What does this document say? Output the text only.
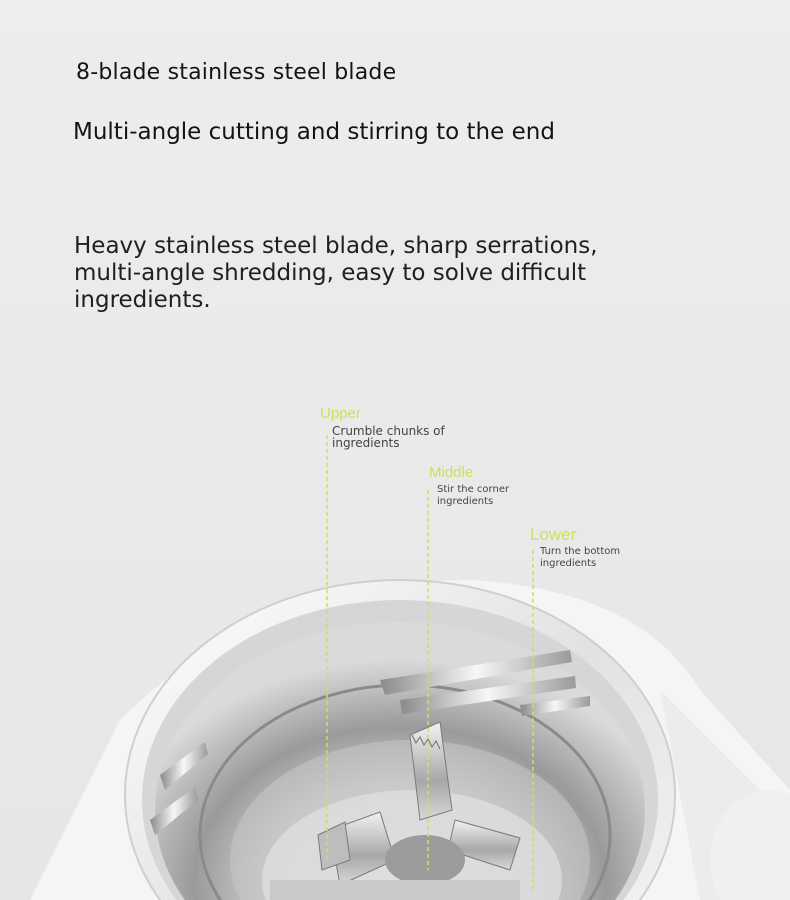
8-blade stainless steel blade
Multi-angle cutting and stirring to the end

Heavy stainless steel blade, sharp serrations, multi-angle shredding, easy to solve difficult ingredients.

Upper
Crumble chunks of ingredients
Middle
Stir the corner ingredients
Lower
Turn the bottom ingredients
